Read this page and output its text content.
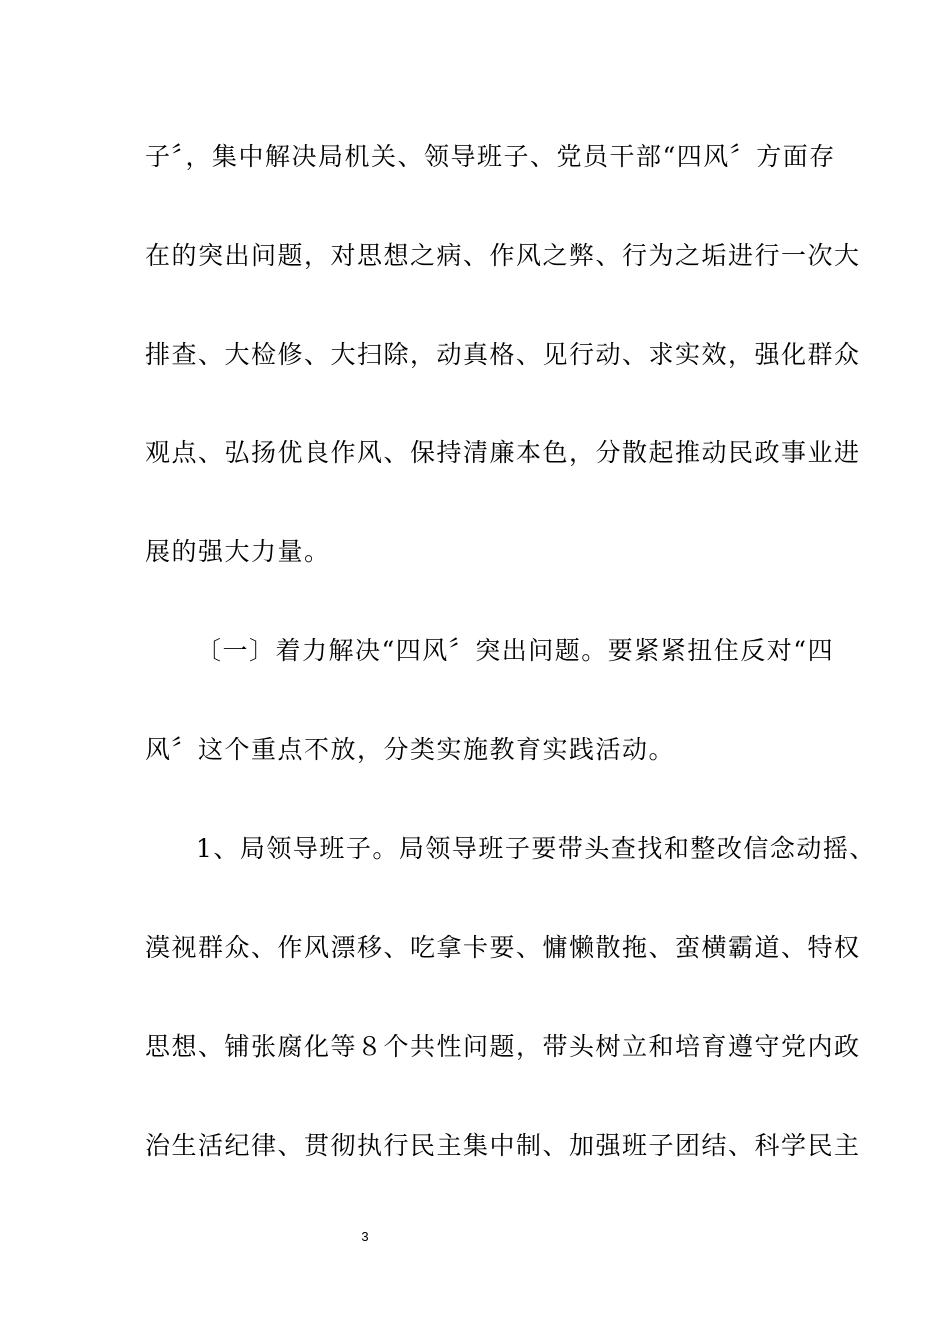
子〞，集中解决局机关、领导班子、党员干部“四风〞方面存
在的突出问题，对思想之病、作风之弊、行为之垢进行一次大
排查、大检修、大扫除，动真格、见行动、求实效，强化群众
观点、弘扬优良作风、保持清廉本色，分散起推动民政事业进
展的强大力量。
〔一〕着力解决“四风〞突出问题。要紧紧扭住反对“四
风〞这个重点不放，分类实施教育实践活动。
1、局领导班子。局领导班子要带头查找和整改信念动摇、
漠视群众、作风漂移、吃拿卡要、慵懒散拖、蛮横霸道、特权
思想、铺张腐化等８个共性问题，带头树立和培育遵守党内政
治生活纪律、贯彻执行民主集中制、加强班子团结、科学民主
3
